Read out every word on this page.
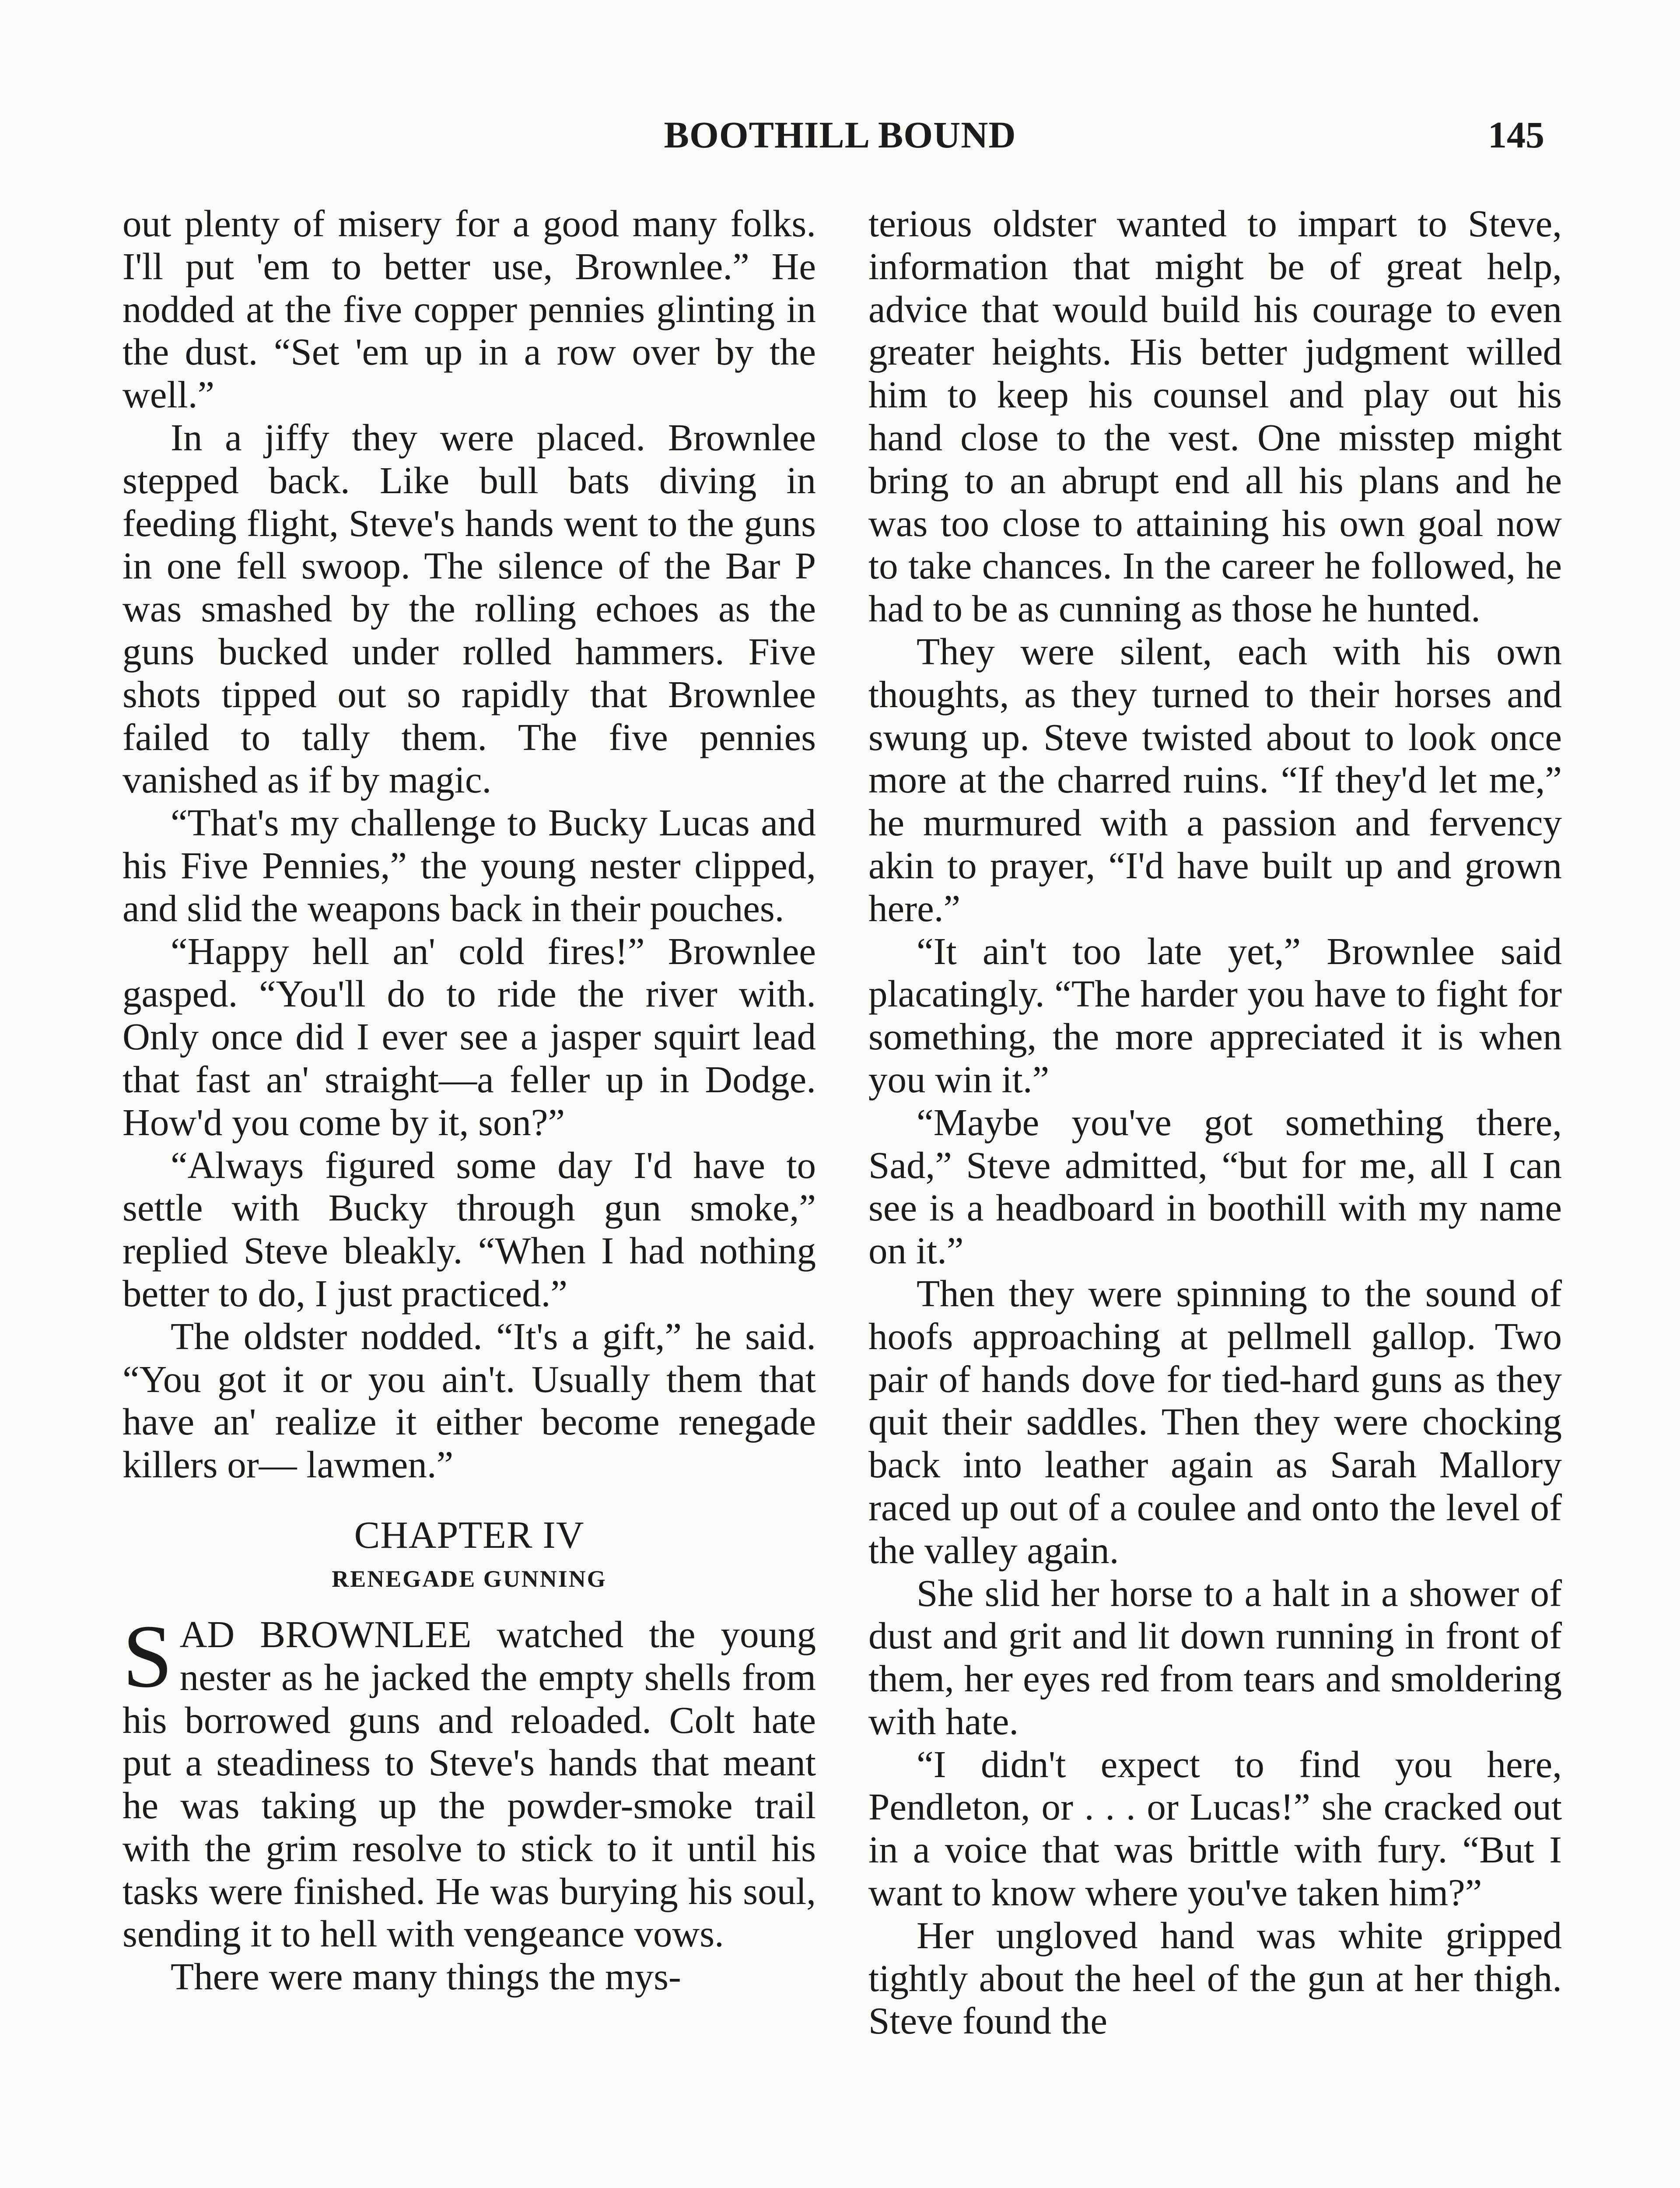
BOOTHILL BOUND	145

out plenty of misery for a good many folks. I'll put 'em to better use, Brownlee.” He nodded at the five copper pennies glinting in the dust. “Set 'em up in a row over by the well.”

In a jiffy they were placed. Brownlee stepped back. Like bull bats diving in feeding flight, Steve's hands went to the guns in one fell swoop. The silence of the Bar P was smashed by the rolling echoes as the guns bucked under rolled hammers. Five shots tipped out so rapidly that Brownlee failed to tally them. The five pennies vanished as if by magic.

“That's my challenge to Bucky Lucas and his Five Pennies,” the young nester clipped, and slid the weapons back in their pouches.

“Happy hell an' cold fires!” Brownlee gasped. “You'll do to ride the river with. Only once did I ever see a jasper squirt lead that fast an' straight—a feller up in Dodge. How'd you come by it, son?”

“Always figured some day I'd have to settle with Bucky through gun smoke,” replied Steve bleakly. “When I had nothing better to do, I just practiced.”

The oldster nodded. “It's a gift,” he said. “You got it or you ain't. Usually them that have an' realize it either become renegade killers or— lawmen.”

CHAPTER IV
RENEGADE GUNNING

SAD BROWNLEE watched the young nester as he jacked the empty shells from his borrowed guns and reloaded. Colt hate put a steadiness to Steve's hands that meant he was taking up the powder-smoke trail with the grim resolve to stick to it until his tasks were finished. He was burying his soul, sending it to hell with vengeance vows.

There were many things the mys-

terious oldster wanted to impart to Steve, information that might be of great help, advice that would build his courage to even greater heights. His better judgment willed him to keep his counsel and play out his hand close to the vest. One misstep might bring to an abrupt end all his plans and he was too close to attaining his own goal now to take chances. In the career he followed, he had to be as cunning as those he hunted.

They were silent, each with his own thoughts, as they turned to their horses and swung up. Steve twisted about to look once more at the charred ruins. “If they'd let me,” he murmured with a passion and fervency akin to prayer, “I'd have built up and grown here.”

“It ain't too late yet,” Brownlee said placatingly. “The harder you have to fight for something, the more appreciated it is when you win it.”

“Maybe you've got something there, Sad,” Steve admitted, “but for me, all I can see is a headboard in boothill with my name on it.”

Then they were spinning to the sound of hoofs approaching at pellmell gallop. Two pair of hands dove for tied-hard guns as they quit their saddles. Then they were chocking back into leather again as Sarah Mallory raced up out of a coulee and onto the level of the valley again.

She slid her horse to a halt in a shower of dust and grit and lit down running in front of them, her eyes red from tears and smoldering with hate.

“I didn't expect to find you here, Pendleton, or . . . or Lucas!” she cracked out in a voice that was brittle with fury. “But I want to know where you've taken him?”

Her ungloved hand was white gripped tightly about the heel of the gun at her thigh. Steve found the
